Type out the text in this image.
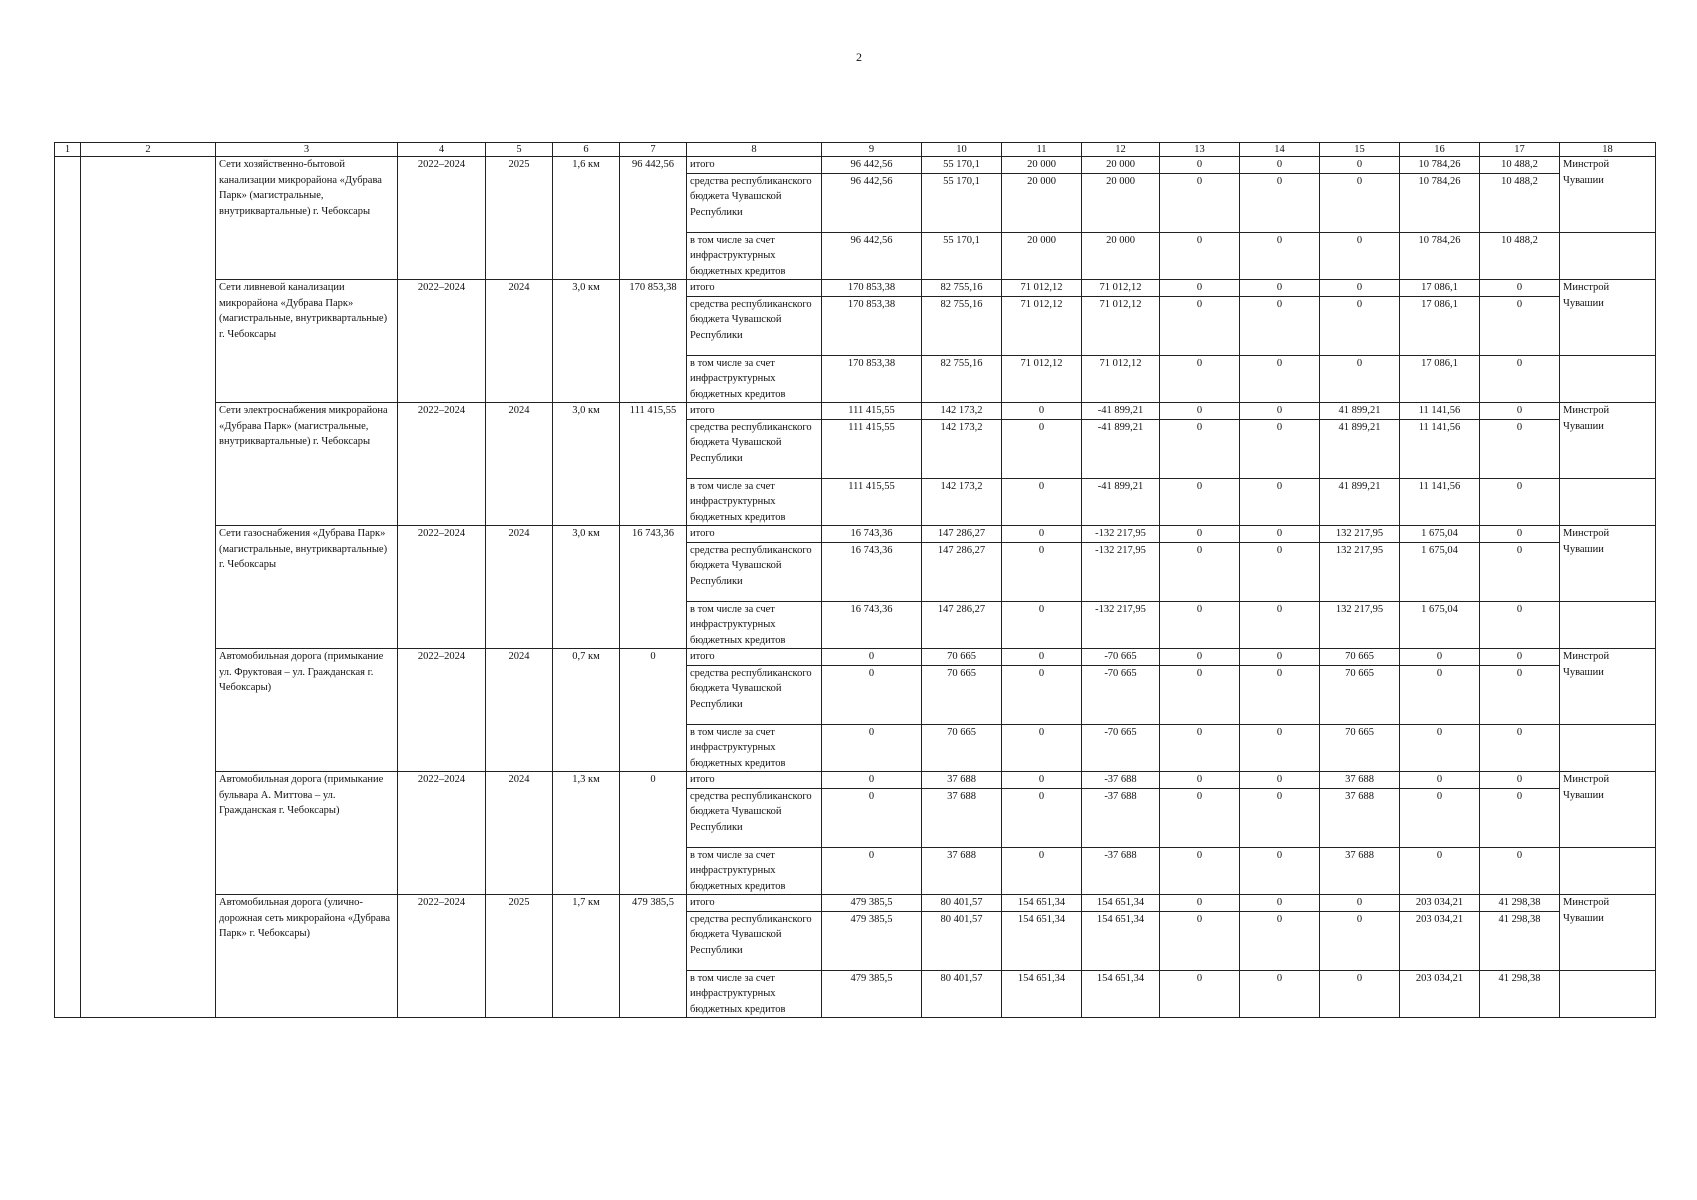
2
1	2	3	4	5	6	7	8	9	10	11	12	13	14	15	16	17	18
		Сети хозяйственно-бытовой канализации микрорайона «Дубрава Парк» (магистральные, внутриквартальные) г. Чебоксары	2022–2024	2025	1,6 км	96 442,56	итого	96 442,56	55 170,1	20 000	20 000	0	0	0	10 784,26	10 488,2	Минстрой Чувашии
							средства республиканского бюджета Чувашской Республики	96 442,56	55 170,1	20 000	20 000	0	0	0	10 784,26	10 488,2	
							в том числе за счет инфраструктурных бюджетных кредитов	96 442,56	55 170,1	20 000	20 000	0	0	0	10 784,26	10 488,2	
		Сети ливневой канализации микрорайона «Дубрава Парк» (магистральные, внутриквартальные) г. Чебоксары	2022–2024	2024	3,0 км	170 853,38	итого	170 853,38	82 755,16	71 012,12	71 012,12	0	0	0	17 086,1	0	Минстрой Чувашии
							средства республиканского бюджета Чувашской Республики	170 853,38	82 755,16	71 012,12	71 012,12	0	0	0	17 086,1	0	
							в том числе за счет инфраструктурных бюджетных кредитов	170 853,38	82 755,16	71 012,12	71 012,12	0	0	0	17 086,1	0	
		Сети электроснабжения микрорайона «Дубрава Парк» (магистральные, внутриквартальные) г. Чебоксары	2022–2024	2024	3,0 км	111 415,55	итого	111 415,55	142 173,2	0	-41 899,21	0	0	41 899,21	11 141,56	0	Минстрой Чувашии
							средства республиканского бюджета Чувашской Республики	111 415,55	142 173,2	0	-41 899,21	0	0	41 899,21	11 141,56	0	
							в том числе за счет инфраструктурных бюджетных кредитов	111 415,55	142 173,2	0	-41 899,21	0	0	41 899,21	11 141,56	0	
		Сети газоснабжения «Дубрава Парк» (магистральные, внутриквартальные) г. Чебоксары	2022–2024	2024	3,0 км	16 743,36	итого	16 743,36	147 286,27	0	-132 217,95	0	0	132 217,95	1 675,04	0	Минстрой Чувашии
							средства республиканского бюджета Чувашской Республики	16 743,36	147 286,27	0	-132 217,95	0	0	132 217,95	1 675,04	0	
							в том числе за счет инфраструктурных бюджетных кредитов	16 743,36	147 286,27	0	-132 217,95	0	0	132 217,95	1 675,04	0	
		Автомобильная дорога (примыкание ул. Фруктовая – ул. Гражданская г. Чебоксары)	2022–2024	2024	0,7 км	0	итого	0	70 665	0	-70 665	0	0	70 665	0	0	Минстрой Чувашии
							средства республиканского бюджета Чувашской Республики	0	70 665	0	-70 665	0	0	70 665	0	0	
							в том числе за счет инфраструктурных бюджетных кредитов	0	70 665	0	-70 665	0	0	70 665	0	0	
		Автомобильная дорога (примыкание бульвара А. Миттова – ул. Гражданская г. Чебоксары)	2022–2024	2024	1,3 км	0	итого	0	37 688	0	-37 688	0	0	37 688	0	0	Минстрой Чувашии
							средства республиканского бюджета Чувашской Республики	0	37 688	0	-37 688	0	0	37 688	0	0	
							в том числе за счет инфраструктурных бюджетных кредитов	0	37 688	0	-37 688	0	0	37 688	0	0	
		Автомобильная дорога (улично-дорожная сеть микрорайона «Дубрава Парк» г. Чебоксары)	2022–2024	2025	1,7 км	479 385,5	итого	479 385,5	80 401,57	154 651,34	154 651,34	0	0	0	203 034,21	41 298,38	Минстрой Чувашии
							средства республиканского бюджета Чувашской Республики	479 385,5	80 401,57	154 651,34	154 651,34	0	0	0	203 034,21	41 298,38	
							в том числе за счет инфраструктурных бюджетных кредитов	479 385,5	80 401,57	154 651,34	154 651,34	0	0	0	203 034,21	41 298,38	
